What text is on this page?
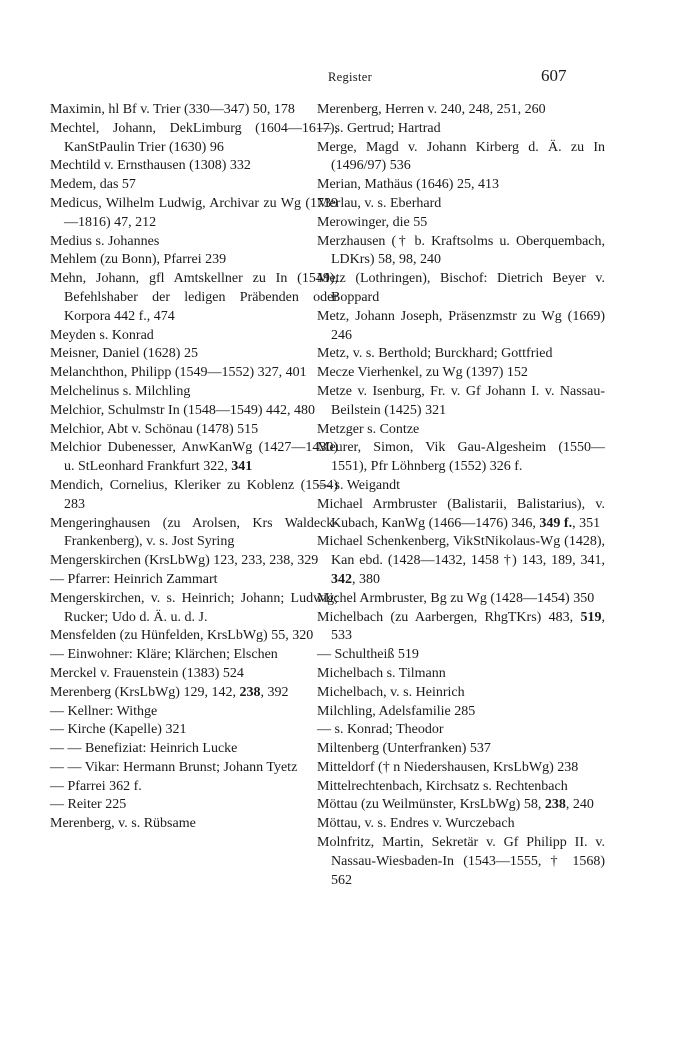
Register	607

Maximin, hl Bf v. Trier (330—347) 50, 178

Mechtel, Johann, DekLimburg (1604—1617), KanStPaulin Trier (1630) 96

Mechtild v. Ernsthausen (1308) 332

Medem, das 57

Medicus, Wilhelm Ludwig, Archivar zu Wg (1739—1816) 47, 212

Medius s. Johannes

Mehlem (zu Bonn), Pfarrei 239

Mehn, Johann, gfl Amtskellner zu In (1549), Befehlshaber der ledigen Präbenden oder Korpora 442 f., 474

Meyden s. Konrad

Meisner, Daniel (1628) 25

Melanchthon, Philipp (1549—1552) 327, 401

Melchelinus s. Milchling

Melchior, Schulmstr In (1548—1549) 442, 480

Melchior, Abt v. Schönau (1478) 515

Melchior Dubenesser, AnwKanWg (1427—1430) u. StLeonhard Frankfurt 322, 341

Mendich, Cornelius, Kleriker zu Koblenz (1554) 283

Mengeringhausen (zu Arolsen, Krs Waldeck-Frankenberg), v. s. Jost Syring

Mengerskirchen (KrsLbWg) 123, 233, 238, 329

— Pfarrer: Heinrich Zammart

Mengerskirchen, v. s. Heinrich; Johann; Ludwig; Rucker; Udo d. Ä. u. d. J.

Mensfelden (zu Hünfelden, KrsLbWg) 55, 320

— Einwohner: Kläre; Klärchen; Elschen

Merckel v. Frauenstein (1383) 524

Merenberg (KrsLbWg) 129, 142, 238, 392

— Kellner: Withge

— Kirche (Kapelle) 321

— — Benefiziat: Heinrich Lucke

— — Vikar: Hermann Brunst; Johann Tyetz

— Pfarrei 362 f.

— Reiter 225

Merenberg, v. s. Rübsame

Merenberg, Herren v. 240, 248, 251, 260

— s. Gertrud; Hartrad

Merge, Magd v. Johann Kirberg d. Ä. zu In (1496/97) 536

Merian, Mathäus (1646) 25, 413

Merlau, v. s. Eberhard

Merowinger, die 55

Merzhausen († b. Kraftsolms u. Oberquembach, LDKrs) 58, 98, 240

Metz (Lothringen), Bischof: Dietrich Beyer v. Boppard

Metz, Johann Joseph, Präsenzmstr zu Wg (1669) 246

Metz, v. s. Berthold; Burckhard; Gottfried

Mecze Vierhenkel, zu Wg (1397) 152

Metze v. Isenburg, Fr. v. Gf Johann I. v. Nassau-Beilstein (1425) 321

Metzger s. Contze

Meurer, Simon, Vik Gau-Algesheim (1550—1551), Pfr Löhnberg (1552) 326 f.

— s. Weigandt

Michael Armbruster (Balistarii, Balistarius), v. Kubach, KanWg (1466—1476) 346, 349 f., 351

Michael Schenkenberg, VikStNikolaus-Wg (1428), Kan ebd. (1428—1432, 1458 †) 143, 189, 341, 342, 380

Michel Armbruster, Bg zu Wg (1428—1454) 350

Michelbach (zu Aarbergen, RhgTKrs) 483, 519, 533

— Schultheiß 519

Michelbach s. Tilmann

Michelbach, v. s. Heinrich

Milchling, Adelsfamilie 285

— s. Konrad; Theodor

Miltenberg (Unterfranken) 537

Mitteldorf († n Niedershausen, KrsLbWg) 238

Mittelrechtenbach, Kirchsatz s. Rechtenbach

Möttau (zu Weilmünster, KrsLbWg) 58, 238, 240

Möttau, v. s. Endres v. Wurczebach

Molnfritz, Martin, Sekretär v. Gf Philipp II. v. Nassau-Wiesbaden-In (1543—1555, † 1568) 562
